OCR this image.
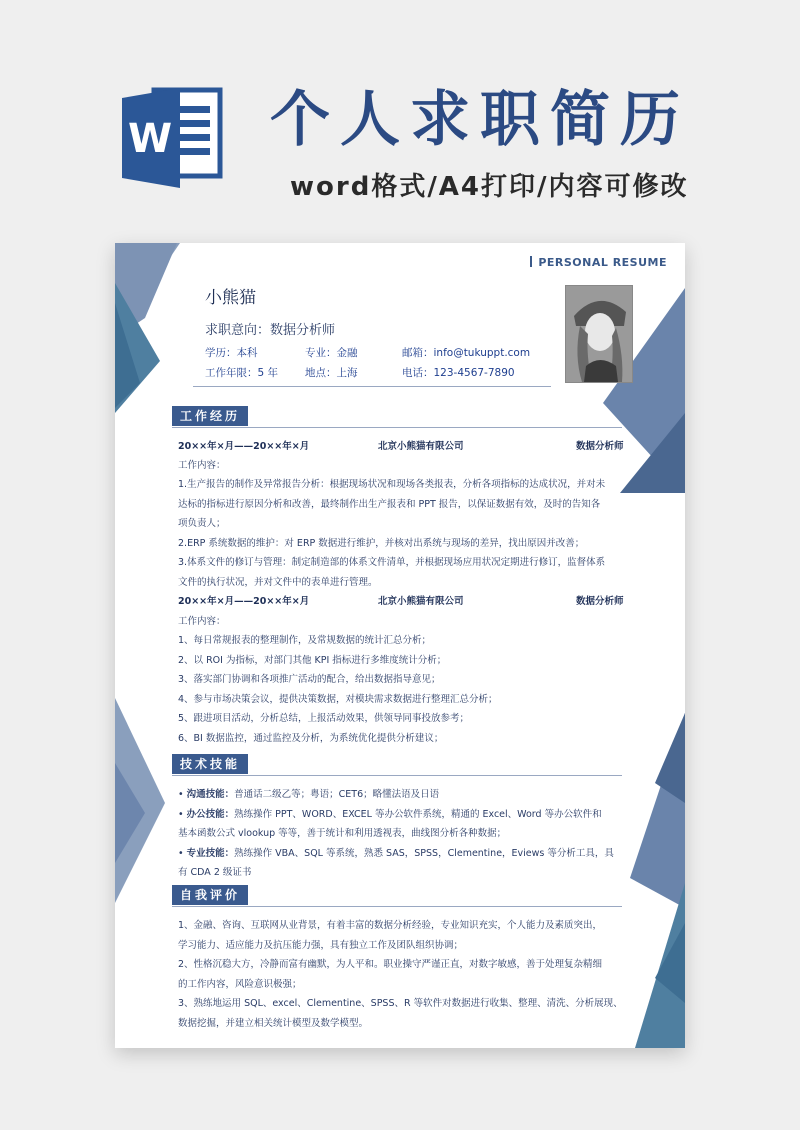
W 个人求职简历
word格式/A4打印/内容可修改
PERSONAL RESUME
小熊猫
求职意向：数据分析师
学历：本科	专业：金融	邮箱：info@tukuppt.com
工作年限：5 年	地点：上海	电话：123-4567-7890
工作经历
20××年×月——20××年×月	北京小熊猫有限公司	数据分析师
工作内容：
1.生产报告的制作及异常报告分析：根据现场状况和现场各类报表，分析各项指标的达成状况，并对未
达标的指标进行原因分析和改善，最终制作出生产报表和 PPT 报告，以保证数据有效，及时的告知各
项负责人；
2.ERP 系统数据的维护：对 ERP 数据进行维护，并核对出系统与现场的差异，找出原因并改善；
3.体系文件的修订与管理：制定制造部的体系文件清单，并根据现场应用状况定期进行修订，监督体系
文件的执行状况，并对文件中的表单进行管理。
20××年×月——20××年×月	北京小熊猫有限公司	数据分析师
工作内容：
1、每日常规报表的整理制作，及常规数据的统计汇总分析；
2、以 ROI 为指标，对部门其他 KPI 指标进行多维度统计分析；
3、落实部门协调和各项推广活动的配合，给出数据指导意见；
4、参与市场决策会议，提供决策数据，对模块需求数据进行整理汇总分析；
5、跟进项目活动，分析总结，上报活动效果，供领导同事投放参考；
6、BI 数据监控，通过监控及分析，为系统优化提供分析建议；
技术技能
• 沟通技能：普通话二级乙等；粤语；CET6；略懂法语及日语
• 办公技能：熟练操作 PPT、WORD、EXCEL 等办公软件系统，精通的 Excel、Word 等办公软件和
基本函数公式 vlookup 等等，善于统计和利用透视表，曲线图分析各种数据；
• 专业技能：熟练操作 VBA、SQL 等系统，熟悉 SAS，SPSS，Clementine，Eviews 等分析工具，具
有 CDA 2 级证书
自我评价
1、金融、咨询、互联网从业背景，有着丰富的数据分析经验，专业知识充实，个人能力及素质突出，
学习能力、适应能力及抗压能力强，具有独立工作及团队组织协调；
2、性格沉稳大方，冷静而富有幽默，为人平和。职业操守严谨正直，对数字敏感，善于处理复杂精细
的工作内容，风险意识极强；
3、熟练地运用 SQL、excel、Clementine、SPSS、R 等软件对数据进行收集、整理、清洗、分析展现、
数据挖掘，并建立相关统计模型及数学模型。
